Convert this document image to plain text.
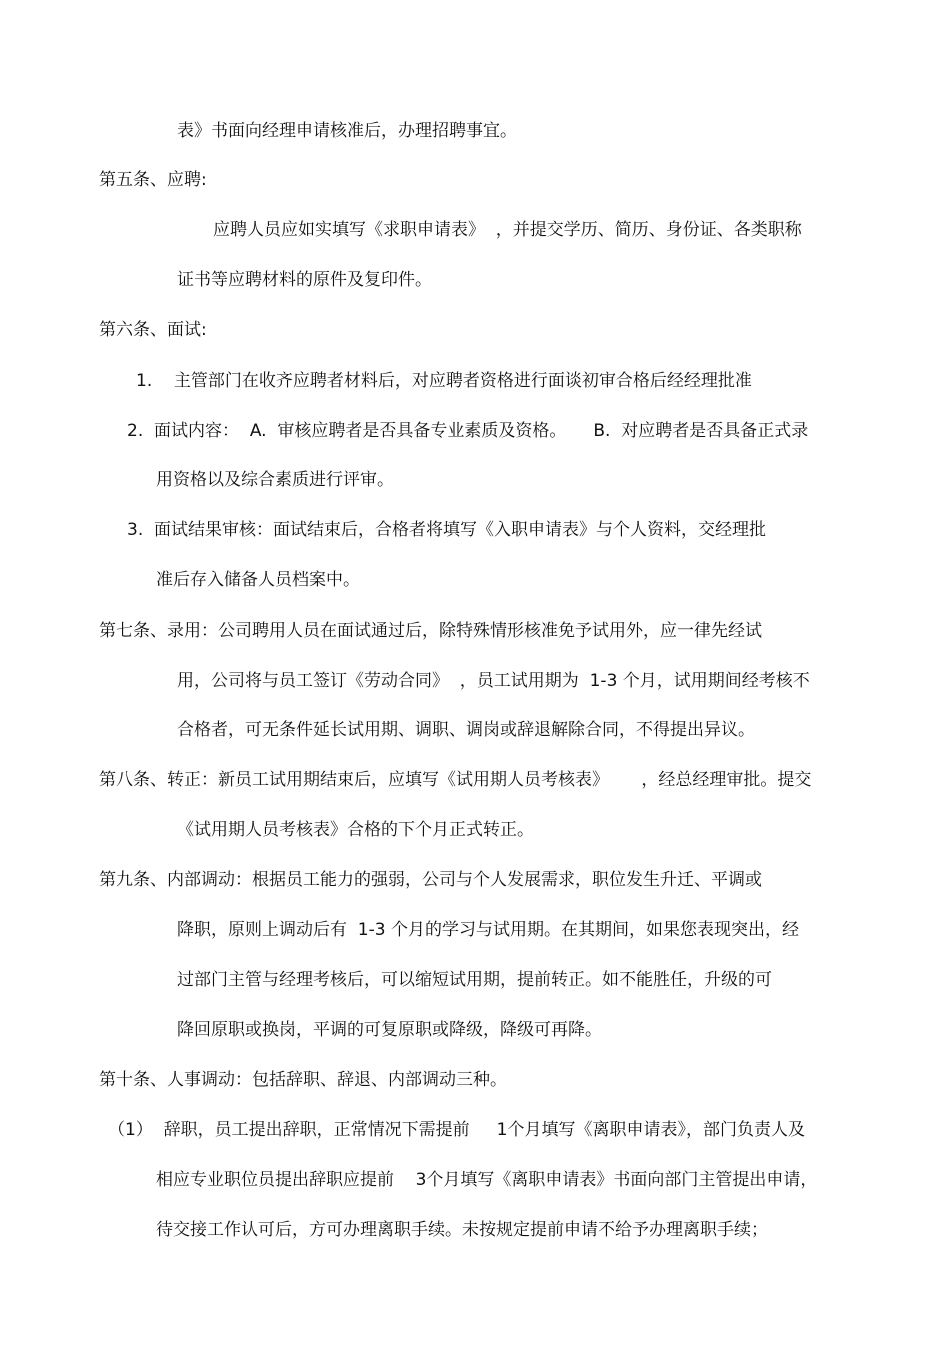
表》书面向经理申请核准后，办理招聘事宜。
第五条、应聘:
应聘人员应如实填写《求职申请表》  ，并提交学历、简历、身份证、各类职称
证书等应聘材料的原件及复印件。
第六条、面试:
1.    主管部门在收齐应聘者材料后，对应聘者资格进行面谈初审合格后经经理批准
2.  面试内容：  A.  审核应聘者是否具备专业素质及资格。     B.  对应聘者是否具备正式录
用资格以及综合素质进行评审。
3.  面试结果审核：面试结束后，合格者将填写《入职申请表》与个人资料，交经理批
准后存入储备人员档案中。
第七条、录用：公司聘用人员在面试通过后，除特殊情形核准免予试用外，应一律先经试
用，公司将与员工签订《劳动合同》  ，员工试用期为  1-3 个月，试用期间经考核不
合格者，可无条件延长试用期、调职、调岗或辞退解除合同，不得提出异议。
第八条、转正：新员工试用期结束后，应填写《试用期人员考核表》      ，经总经理审批。提交
《试用期人员考核表》合格的下个月正式转正。
第九条、内部调动：根据员工能力的强弱，公司与个人发展需求，职位发生升迁、平调或
降职，原则上调动后有  1-3 个月的学习与试用期。在其期间，如果您表现突出，经
过部门主管与经理考核后，可以缩短试用期，提前转正。如不能胜任，升级的可
降回原职或换岗，平调的可复原职或降级，降级可再降。
第十条、人事调动：包括辞职、辞退、内部调动三种。
（1）  辞职，员工提出辞职，正常情况下需提前     1个月填写《离职申请表》，部门负责人及
相应专业职位员提出辞职应提前    3个月填写《离职申请表》书面向部门主管提出申请，
待交接工作认可后，方可办理离职手续。未按规定提前申请不给予办理离职手续；
